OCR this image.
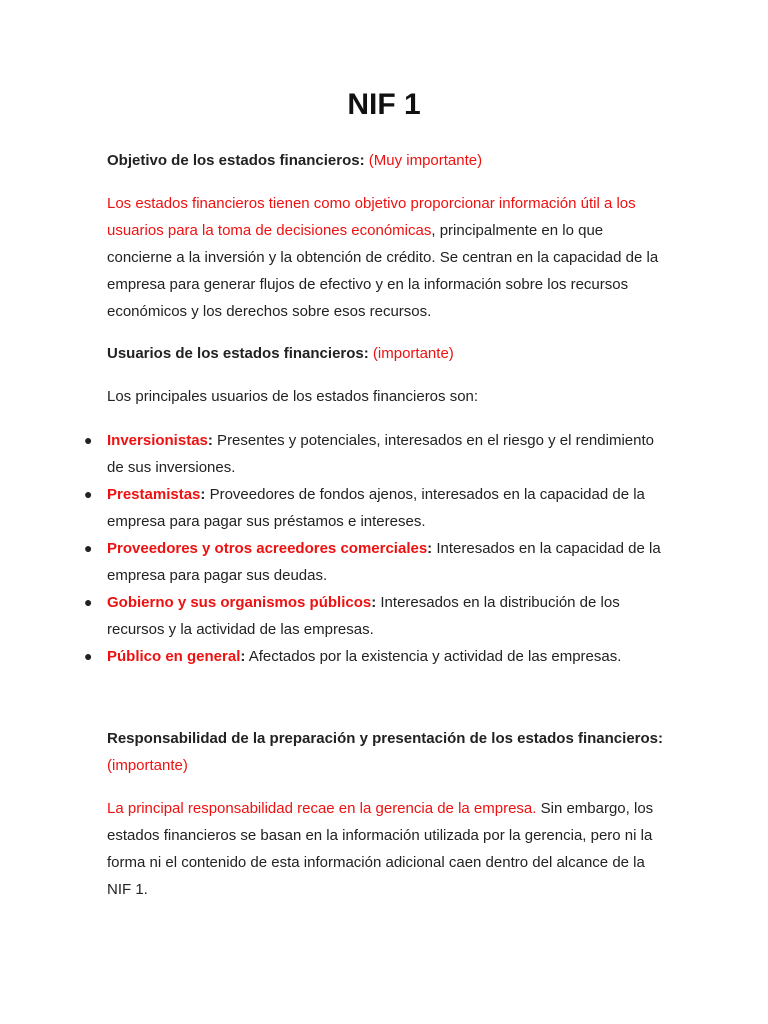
NIF 1
Objetivo de los estados financieros: (Muy importante)
Los estados financieros tienen como objetivo proporcionar información útil a los usuarios para la toma de decisiones económicas, principalmente en lo que concierne a la inversión y la obtención de crédito. Se centran en la capacidad de la empresa para generar flujos de efectivo y en la información sobre los recursos económicos y los derechos sobre esos recursos.
Usuarios de los estados financieros: (importante)
Los principales usuarios de los estados financieros son:
● Inversionistas: Presentes y potenciales, interesados en el riesgo y el rendimiento de sus inversiones.
● Prestamistas: Proveedores de fondos ajenos, interesados en la capacidad de la empresa para pagar sus préstamos e intereses.
● Proveedores y otros acreedores comerciales: Interesados en la capacidad de la empresa para pagar sus deudas.
● Gobierno y sus organismos públicos: Interesados en la distribución de los recursos y la actividad de las empresas.
● Público en general: Afectados por la existencia y actividad de las empresas.
Responsabilidad de la preparación y presentación de los estados financieros: (importante)
La principal responsabilidad recae en la gerencia de la empresa. Sin embargo, los estados financieros se basan en la información utilizada por la gerencia, pero ni la forma ni el contenido de esta información adicional caen dentro del alcance de la NIF 1.
